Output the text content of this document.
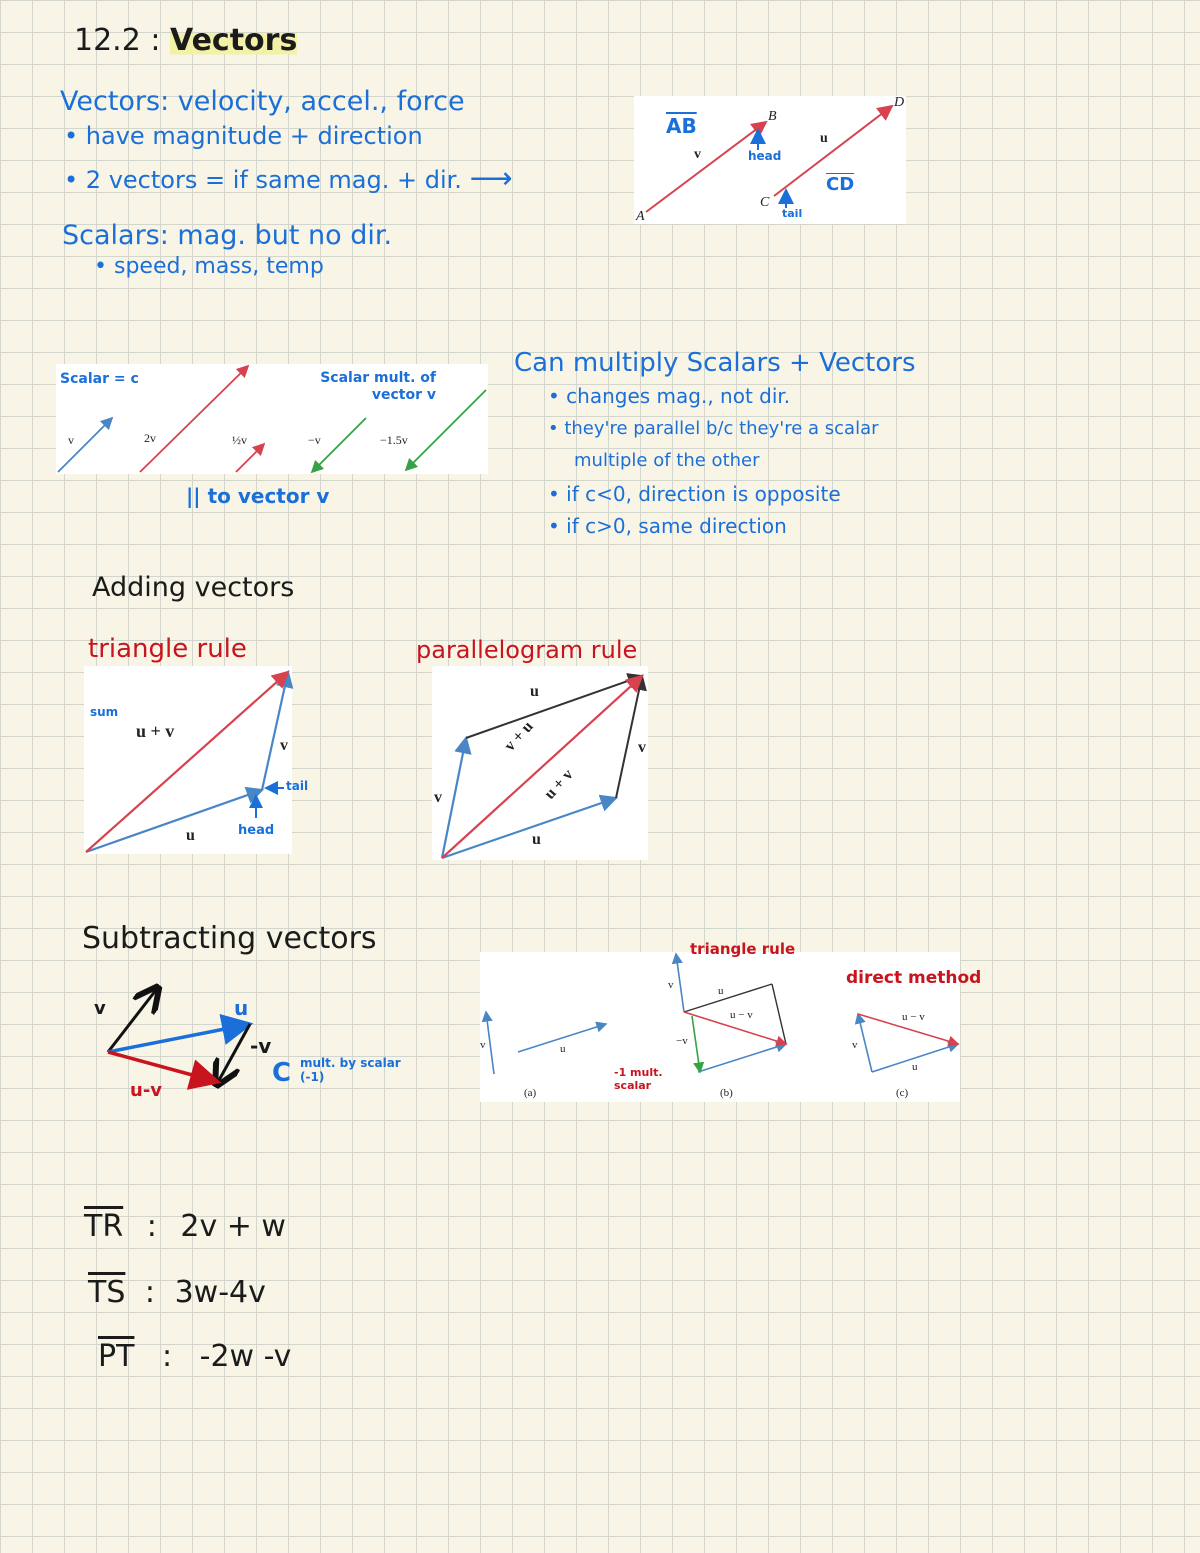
12.2 : Vectors
Vectors: velocity, accel., force
• have magnitude + direction
• 2 vectors = if same mag. + dir. ⟶
Scalars: mag. but no dir.
• speed, mass, temp
$\overline{AB}$
$\overline{CD}$
A
B
C
D
v
u
head
tail
Scalar = c	Scalar mult. of vector v
v	2v	½v	−v	−1.5v
|| to vector v
Can multiply Scalars + Vectors
• changes mag., not dir.
• they're parallel b/c they're a scalar
multiple of the other
• if c<0, direction is opposite
• if c>0, same direction
Adding vectors
triangle rule	parallelogram rule
sum
u + v
v
u
tail
head
u
v
v
u
v + u
u + v
Subtracting vectors
v	u
-v
u-v
C mult. by scalar (-1)
v	u
(a)
v	u
−v
u − v
(b)
v
u
u − v
(c)
triangle rule
direct method
-1 mult. scalar
$\overline{TR}$ : 2v + w
$\overline{TS}$ : 3w-4v
$\overline{PT}$ : -2w -v
